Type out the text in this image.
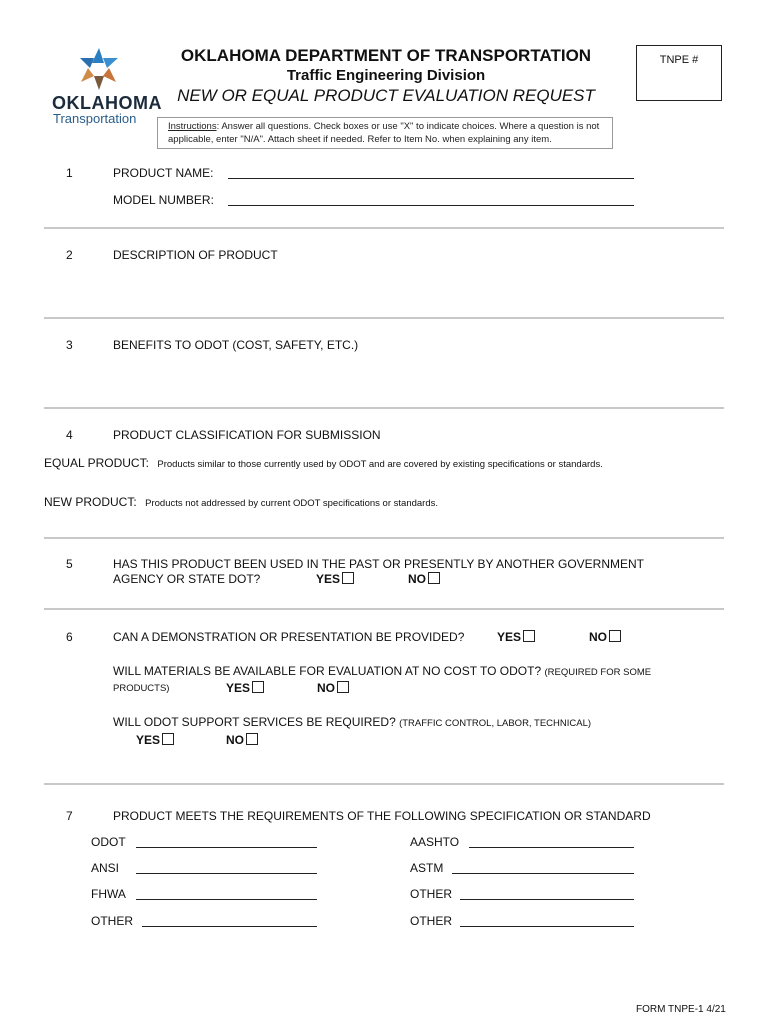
OKLAHOMA
Transportation
OKLAHOMA DEPARTMENT OF TRANSPORTATION
Traffic Engineering Division
NEW OR EQUAL PRODUCT EVALUATION REQUEST
TNPE #
Instructions: Answer all questions. Check boxes or use "X" to indicate choices. Where a question is not applicable, enter "N/A". Attach sheet if needed. Refer to Item No. when explaining any item.
1	PRODUCT NAME:
MODEL NUMBER:
2	DESCRIPTION OF PRODUCT
3	BENEFITS TO ODOT (COST, SAFETY, ETC.)
4	PRODUCT CLASSIFICATION FOR SUBMISSION
EQUAL PRODUCT: Products similar to those currently used by ODOT and are covered by existing specifications or standards.
NEW PRODUCT: Products not addressed by current ODOT specifications or standards.
5	HAS THIS PRODUCT BEEN USED IN THE PAST OR PRESENTLY BY ANOTHER GOVERNMENT
AGENCY OR STATE DOT?	YES	NO
6	CAN A DEMONSTRATION OR PRESENTATION BE PROVIDED?	YES	NO
WILL MATERIALS BE AVAILABLE FOR EVALUATION AT NO COST TO ODOT? (REQUIRED FOR SOME
PRODUCTS)	YES	NO
WILL ODOT SUPPORT SERVICES BE REQUIRED? (TRAFFIC CONTROL, LABOR, TECHNICAL)
YES	NO
7	PRODUCT MEETS THE REQUIREMENTS OF THE FOLLOWING SPECIFICATION OR STANDARD
ODOT	AASHTO
ANSI	ASTM
FHWA	OTHER
OTHER	OTHER
FORM TNPE-1 4/21
